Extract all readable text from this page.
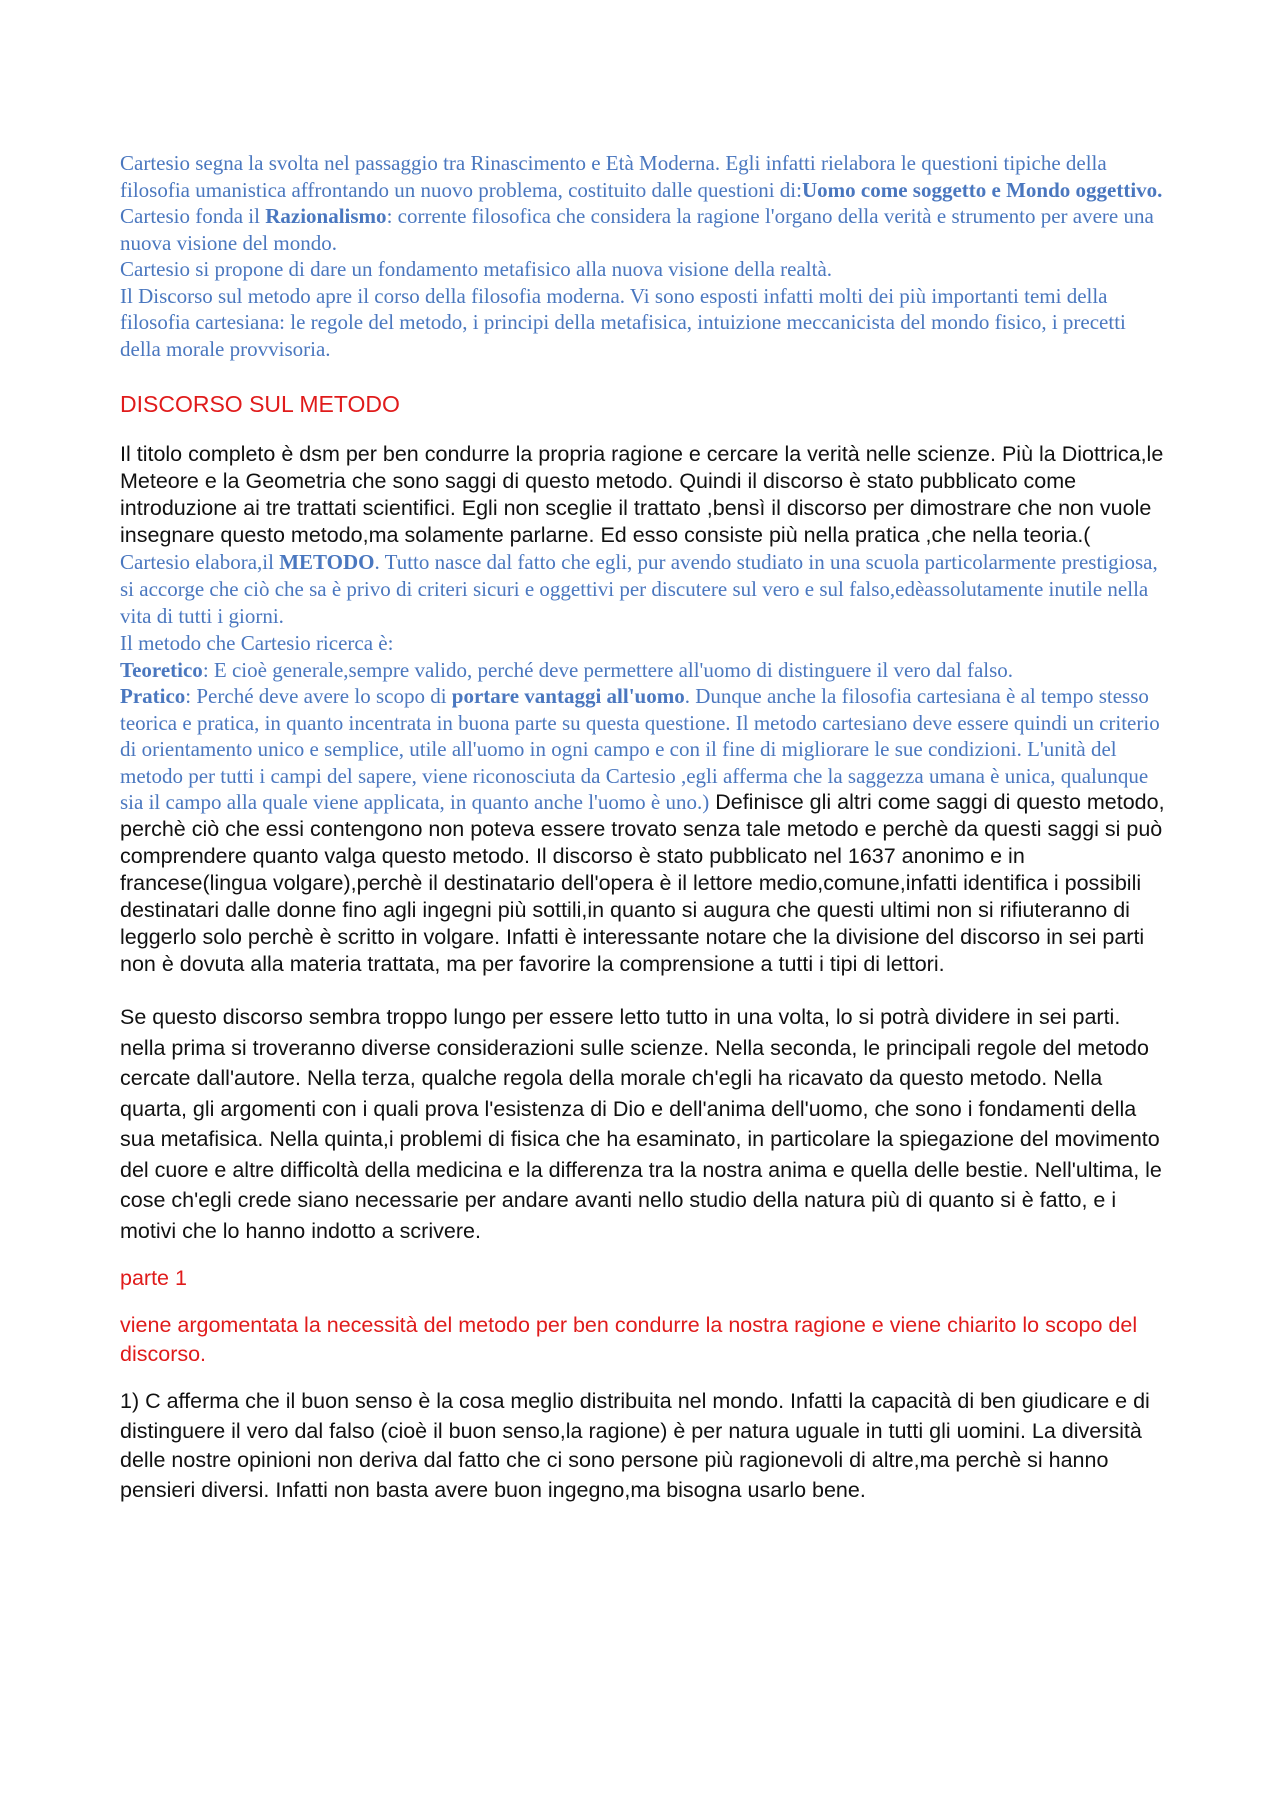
Cartesio segna la svolta nel passaggio tra Rinascimento e Età Moderna. Egli infatti rielabora le questioni tipiche della filosofia umanistica affrontando un nuovo problema, costituito dalle questioni di:Uomo come soggetto e Mondo oggettivo.

Cartesio fonda il Razionalismo: corrente filosofica che considera la ragione l'organo della verità e strumento per avere una nuova visione del mondo.

Cartesio si propone di dare un fondamento metafisico alla nuova visione della realtà.

Il Discorso sul metodo apre il corso della filosofia moderna. Vi sono esposti infatti molti dei più importanti temi della filosofia cartesiana: le regole del metodo, i principi della metafisica, intuizione meccanicista del mondo fisico, i precetti della morale provvisoria.

DISCORSO SUL METODO

Il titolo completo è dsm per ben condurre la propria ragione e cercare la verità nelle scienze. Più la Diottrica,le Meteore e la Geometria che sono saggi di questo metodo. Quindi il discorso è stato pubblicato come introduzione ai tre trattati scientifici. Egli non sceglie il trattato ,bensì il discorso per dimostrare che non vuole insegnare questo metodo,ma solamente parlarne. Ed esso consiste più nella pratica ,che nella teoria.( Cartesio elabora,il METODO. Tutto nasce dal fatto che egli, pur avendo studiato in una scuola particolarmente prestigiosa, si accorge che ciò che sa è privo di criteri sicuri e oggettivi per discutere sul vero e sul falso,edèassolutamente inutile nella vita di tutti i giorni.

Il metodo che Cartesio ricerca è:

Teoretico: E cioè generale,sempre valido, perché deve permettere all'uomo di distinguere il vero dal falso.

Pratico: Perché deve avere lo scopo di portare vantaggi all'uomo. Dunque anche la filosofia cartesiana è al tempo stesso teorica e pratica, in quanto incentrata in buona parte su questa questione. Il metodo cartesiano deve essere quindi un criterio di orientamento unico e semplice, utile all'uomo in ogni campo e con il fine di migliorare le sue condizioni. L'unità del metodo per tutti i campi del sapere, viene riconosciuta da Cartesio ,egli afferma che la saggezza umana è unica, qualunque sia il campo alla quale viene applicata, in quanto anche l'uomo è uno.) Definisce gli altri come saggi di questo metodo, perchè ciò che essi contengono non poteva essere trovato senza tale metodo e perchè da questi saggi si può comprendere quanto valga questo metodo. Il discorso è stato pubblicato nel 1637 anonimo e in francese(lingua volgare),perchè il destinatario dell'opera è il lettore medio,comune,infatti identifica i possibili destinatari dalle donne fino agli ingegni più sottili,in quanto si augura che questi ultimi non si rifiuteranno di leggerlo solo perchè è scritto in volgare. Infatti è interessante notare che la divisione del discorso in sei parti non è dovuta alla materia trattata, ma per favorire la comprensione a tutti i tipi di lettori.

Se questo discorso sembra troppo lungo per essere letto tutto in una volta, lo si potrà dividere in sei parti. nella prima si troveranno diverse considerazioni sulle scienze. Nella seconda, le principali regole del metodo cercate dall'autore. Nella terza, qualche regola della morale ch'egli ha ricavato da questo metodo. Nella quarta, gli argomenti con i quali prova l'esistenza di Dio e dell'anima dell'uomo, che sono i fondamenti della sua metafisica. Nella quinta,i problemi di fisica che ha esaminato, in particolare la spiegazione del movimento del cuore e altre difficoltà della medicina e la differenza tra la nostra anima e quella delle bestie. Nell'ultima, le cose ch'egli crede siano necessarie per andare avanti nello studio della natura più di quanto si è fatto, e i motivi che lo hanno indotto a scrivere.

parte 1

viene argomentata la necessità del metodo per ben condurre la nostra ragione e viene chiarito lo scopo del discorso.

1) C afferma che il buon senso è la cosa meglio distribuita nel mondo. Infatti la capacità di ben giudicare e di distinguere il vero dal falso (cioè il buon senso,la ragione) è per natura uguale in tutti gli uomini. La diversità delle nostre opinioni non deriva dal fatto che ci sono persone più ragionevoli di altre,ma perchè si hanno pensieri diversi. Infatti non basta avere buon ingegno,ma bisogna usarlo bene.
